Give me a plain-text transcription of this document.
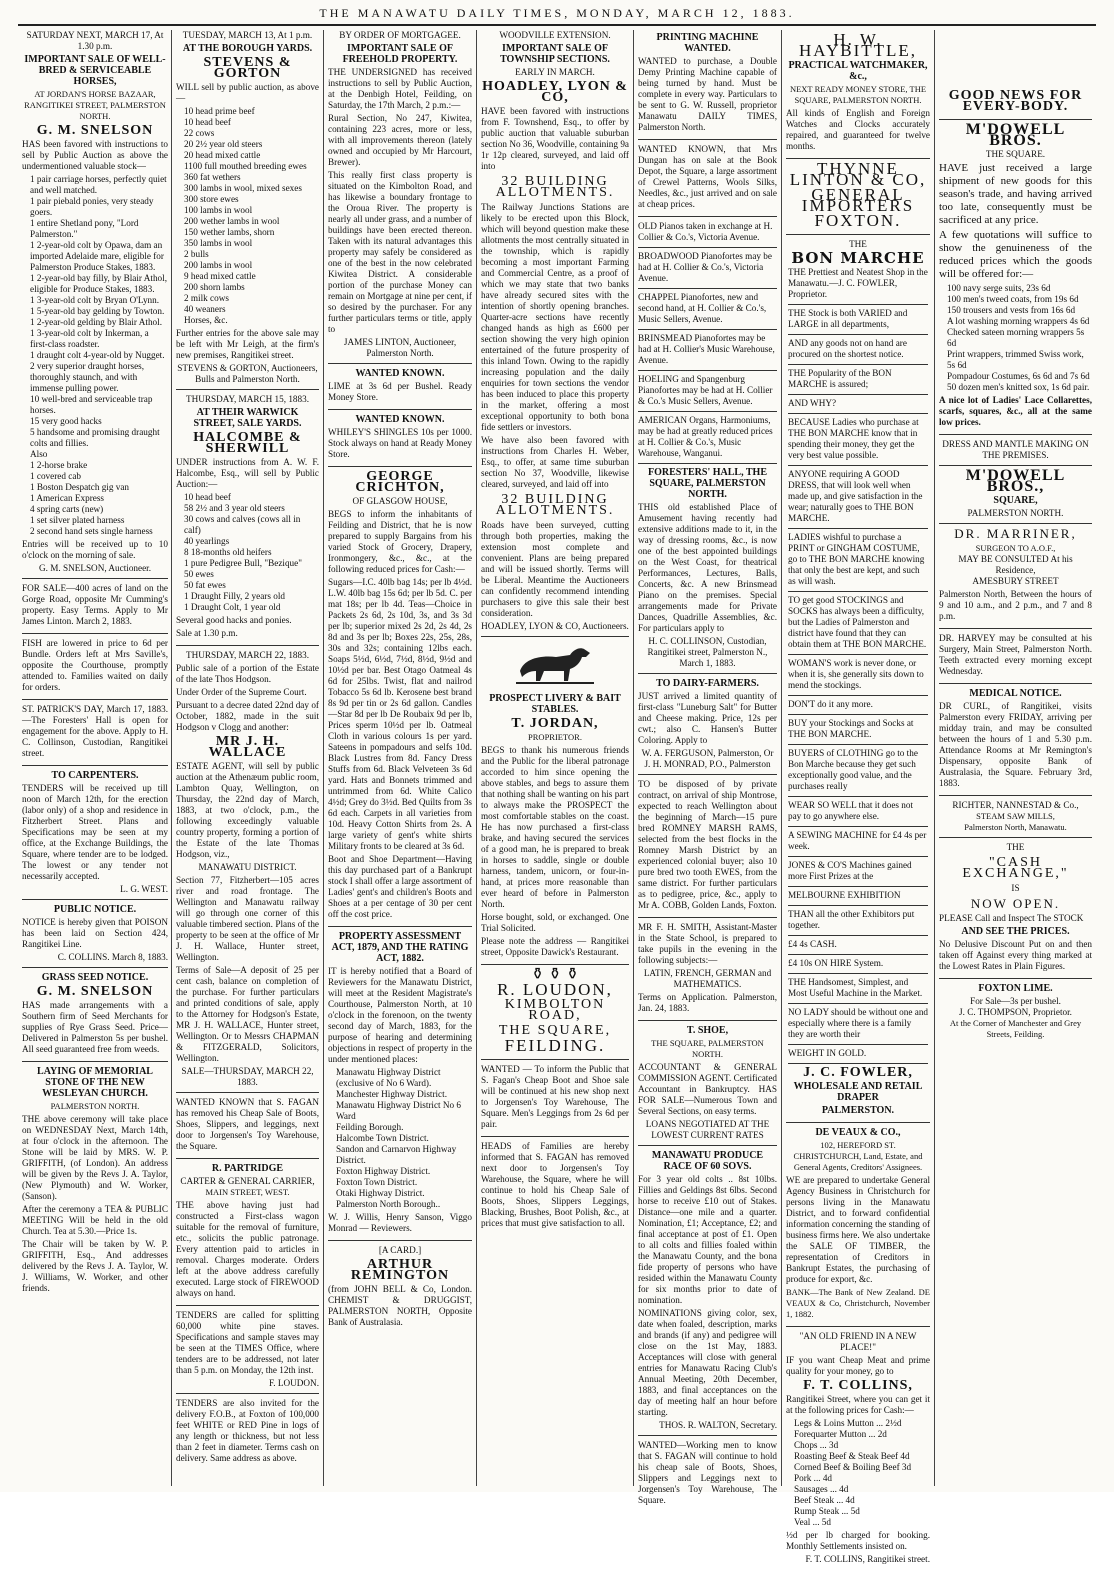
THE MANAWATU DAILY TIMES, MONDAY, MARCH 12, 1883.
SATURDAY NEXT, MARCH 17, At 1.30 p.m.
IMPORTANT SALE OF WELL-BRED & SERVICEABLE HORSES,
AT JORDAN'S HORSE BAZAAR, RANGITIKEI STREET, PALMERSTON NORTH.
G. M. SNELSON

HAS been favored with instructions to sell by Public Auction as above the undermentioned valuable stock—

1 pair carriage horses, perfectly quiet and well matched.
1 pair piebald ponies, very steady goers.
1 entire Shetland pony, "Lord Palmerston."
1 2-year-old colt by Opawa, dam an imported Adelaide mare, eligible for Palmerston Produce Stakes, 1883.
1 2-year-old bay filly, by Blair Athol, eligible for Produce Stakes, 1883.
1 3-year-old colt by Bryan O'Lynn.
1 5-year-old bay gelding by Towton.
1 2-year-old gelding by Blair Athol.
1 3-year-old colt by Inkerman, a first-class roadster.
1 draught colt 4-year-old by Nugget.
2 very superior draught horses, thoroughly staunch, and with immense pulling power.
10 well-bred and serviceable trap horses.
15 very good hacks
5 handsome and promising draught colts and fillies.
Also
1 2-horse brake
1 covered cab
1 Boston Despatch gig van
1 American Express
4 spring carts (new)
1 set silver plated harness
2 second hand sets single harness

Entries will be received up to 10 o'clock on the morning of sale.

G. M. SNELSON, Auctioneer.

FOR SALE—400 acres of land on the Gorge Road, opposite Mr Cumming's property. Easy Terms. Apply to Mr James Linton. March 2, 1883.

FISH are lowered in price to 6d per Bundle. Orders left at Mrs Saville's, opposite the Courthouse, promptly attended to. Families waited on daily for orders.

ST. PATRICK'S DAY, March 17, 1883.—The Foresters' Hall is open for engagement for the above. Apply to H. C. Collinson, Custodian, Rangitikei street.

TO CARPENTERS.

TENDERS will be received up till noon of March 12th, for the erection (labor only) of a shop and residence in Fitzherbert Street. Plans and Specifications may be seen at my office, at the Exchange Buildings, the Square, where tender are to be lodged. The lowest or any tender not necessarily accepted.

L. G. WEST.
PUBLIC NOTICE.

NOTICE is hereby given that POISON has been laid on Section 424, Rangitikei Line.

C. COLLINS. March 8, 1883.
GRASS SEED NOTICE.
G. M. SNELSON

HAS made arrangements with a Southern firm of Seed Merchants for supplies of Rye Grass Seed. Price—Delivered in Palmerston 5s per bushel. All seed guaranteed free from weeds.

LAYING OF MEMORIAL STONE OF THE NEW WESLEYAN CHURCH.
PALMERSTON NORTH.

THE above ceremony will take place on WEDNESDAY Next, March 14th, at four o'clock in the afternoon. The Stone will be laid by MRS. W. P. GRIFFITH, (of London). An address will be given by the Revs J. A. Taylor, (New Plymouth) and W. Worker, (Sanson).

After the ceremony a TEA & PUBLIC MEETING Will be held in the old Church. Tea at 5.30.—Price 1s.

The Chair will be taken by W. P. GRIFFITH, Esq., And addresses delivered by the Revs J. A. Taylor, W. J. Williams, W. Worker, and other friends.

TUESDAY, MARCH 13, At 1 p.m.
AT THE BOROUGH YARDS.
STEVENS & GORTON

WILL sell by public auction, as above—

10 head prime beef
10 head beef
22 cows
20 2½ year old steers
20 head mixed cattle
1100 full mouthed breeding ewes
360 fat wethers
300 lambs in wool, mixed sexes
300 store ewes
100 lambs in wool
200 wether lambs in wool
150 wether lambs, shorn
350 lambs in wool
2 bulls
200 lambs in wool
9 head mixed cattle
200 shorn lambs
2 milk cows
40 weaners
Horses, &c.

Further entries for the above sale may be left with Mr Leigh, at the firm's new premises, Rangitikei street.

STEVENS & GORTON, Auctioneers, Bulls and Palmerston North.
THURSDAY, MARCH 15, 1883.
AT THEIR WARWICK STREET, SALE YARDS.
HALCOMBE & SHERWILL

UNDER instructions from A. W. F. Halcombe, Esq., will sell by Public Auction:—

10 head beef
58 2½ and 3 year old steers
30 cows and calves (cows all in calf)
40 yearlings
8 18-months old heifers
1 pure Pedigree Bull, "Bezique"
50 ewes
50 fat ewes
1 Draught Filly, 2 years old
1 Draught Colt, 1 year old

Several good hacks and ponies.

Sale at 1.30 p.m.

THURSDAY, MARCH 22, 1883.

Public sale of a portion of the Estate of the late Thos Hodgson.

Under Order of the Supreme Court.

Pursuant to a decree dated 22nd day of October, 1882, made in the suit Hodgson v Clogg and another:

MR J. H. WALLACE

ESTATE AGENT, will sell by public auction at the Athenæum public room, Lambton Quay, Wellington, on Thursday, the 22nd day of March, 1883, at two o'clock, p.m., the following exceedingly valuable country property, forming a portion of the Estate of the late Thomas Hodgson, viz.,

MANAWATU DISTRICT.

Section 77, Fitzherbert—105 acres river and road frontage. The Wellington and Manawatu railway will go through one corner of this valuable timbered section. Plans of the property to be seen at the office of Mr J. H. Wallace, Hunter street, Wellington.

Terms of Sale—A deposit of 25 per cent cash, balance on completion of the purchase. For further particulars and printed conditions of sale, apply to the Attorney for Hodgson's Estate, MR J. H. WALLACE, Hunter street, Wellington. Or to Messrs CHAPMAN & FITZGERALD, Solicitors, Wellington.

SALE—THURSDAY, MARCH 22, 1883.

WANTED KNOWN that S. FAGAN has removed his Cheap Sale of Boots, Shoes, Slippers, and leggings, next door to Jorgensen's Toy Warehouse, the Square.

R. PARTRIDGE
CARTER & GENERAL CARRIER,
MAIN STREET, WEST.

THE above having just had constructed a First-class wagon suitable for the removal of furniture, etc., solicits the public patronage. Every attention paid to articles in removal. Charges moderate. Orders left at the above address carefully executed. Large stock of FIREWOOD always on hand.

TENDERS are called for splitting 60,000 white pine staves. Specifications and sample staves may be seen at the TIMES Office, where tenders are to be addressed, not later than 5 p.m. on Monday, the 12th inst.

F. LOUDON.

TENDERS are also invited for the delivery F.O.B., at Foxton of 100,000 feet WHITE or RED Pine in logs of any length or thickness, but not less than 2 feet in diameter. Terms cash on delivery. Same address as above.

BY ORDER OF MORTGAGEE.
IMPORTANT SALE OF FREEHOLD PROPERTY.

THE UNDERSIGNED has received instructions to sell by Public Auction, at the Denbigh Hotel, Feilding, on Saturday, the 17th March, 2 p.m.:—

Rural Section, No 247, Kiwitea, containing 223 acres, more or less, with all improvements thereon (lately owned and occupied by Mr Harcourt, Brewer).

This really first class property is situated on the Kimbolton Road, and has likewise a boundary frontage to the Oroua River. The property is nearly all under grass, and a number of buildings have been erected thereon. Taken with its natural advantages this property may safely be considered as one of the best in the now celebrated Kiwitea District. A considerable portion of the purchase Money can remain on Mortgage at nine per cent, if so desired by the purchaser. For any further particulars terms or title, apply to

JAMES LINTON, Auctioneer, Palmerston North.
WANTED KNOWN.

LIME at 3s 6d per Bushel. Ready Money Store.

WANTED KNOWN.

WHILEY'S SHINGLES 10s per 1000. Stock always on hand at Ready Money Store.

GEORGE CRICHTON,
OF GLASGOW HOUSE,

BEGS to inform the inhabitants of Feilding and District, that he is now prepared to supply Bargains from his varied Stock of Grocery, Drapery, Ironmongery, &c., &c., at the following reduced prices for Cash:—

Sugars—I.C. 40lb bag 14s; per lb 4½d. L.W. 40lb bag 15s 6d; per lb 5d. C. per mat 18s; per lb 4d. Teas—Choice in Packets 2s 6d, 2s 10d, 3s, and 3s 3d per lb; superior mixed 2s 2d, 2s 4d, 2s 8d and 3s per lb; Boxes 22s, 25s, 28s, 30s and 32s; containing 12lbs each. Soaps 5½d, 6½d, 7½d, 8½d, 9½d and 10½d per bar. Best Otago Oatmeal 4s 6d for 25lbs. Twist, flat and nailrod Tobacco 5s 6d lb. Kerosene best brand 8s 9d per tin or 2s 6d gallon. Candles—Star 8d per lb De Roubaix 9d per lb, Prices sperm 10½d per lb. Oatmeal Cloth in various colours 1s per yard. Sateens in pompadours and selfs 10d. Black Lustres from 8d. Fancy Dress Stuffs from 6d. Black Velveteen 3s 6d yard. Hats and Bonnets trimmed and untrimmed from 6d. White Calico 4½d; Grey do 3½d. Bed Quilts from 3s 6d each. Carpets in all varieties from 10d. Heavy Cotton Shirts from 2s. A large variety of gent's white shirts Military fronts to be cleared at 3s 6d.

Boot and Shoe Department—Having this day purchased part of a Bankrupt stock I shall offer a large assortment of Ladies' gent's and children's Boots and Shoes at a per centage of 30 per cent off the cost price.

PROPERTY ASSESSMENT ACT, 1879, AND THE RATING ACT, 1882.

IT is hereby notified that a Board of Reviewers for the Manawatu District, will meet at the Resident Magistrate's Courthouse, Palmerston North, at 10 o'clock in the forenoon, on the twenty second day of March, 1883, for the purpose of hearing and determining objections in respect of property in the under mentioned places:

Manawatu Highway District (exclusive of No 6 Ward).
Manchester Highway District.
Manawatu Highway District No 6 Ward
Feilding Borough.
Halcombe Town District.
Sandon and Carnarvon Highway District.
Foxton Highway District.
Foxton Town District.
Otaki Highway District.
Palmerston North Borough..

W. J. Willis, Henry Sanson, Viggo Monrad — Reviewers.

[A CARD.]
ARTHUR REMINGTON

(from JOHN BELL & Co, London. CHEMIST & DRUGGIST, PALMERSTON NORTH, Opposite Bank of Australasia.

WOODVILLE EXTENSION.
IMPORTANT SALE OF TOWNSHIP SECTIONS.
EARLY IN MARCH.
HOADLEY, LYON & CO,

HAVE been favored with instructions from F. Townshend, Esq., to offer by public auction that valuable suburban section No 36, Woodville, containing 9a 1r 12p cleared, surveyed, and laid off into

32 BUILDING ALLOTMENTS.

The Railway Junctions Stations are likely to be erected upon this Block, which will beyond question make these allotments the most centrally situated in the township, which is rapidly becoming a most important Farming and Commercial Centre, as a proof of which we may state that two banks have already secured sites with the intention of shortly opening branches. Quarter-acre sections have recently changed hands as high as £600 per section showing the very high opinion entertained of the future prosperity of this inland Town. Owing to the rapidly increasing population and the daily enquiries for town sections the vendor has been induced to place this property in the market, offering a most exceptional opportunity to both bona fide settlers or investors.

We have also been favored with instructions from Charles H. Weber, Esq., to offer, at same time suburban section No 37, Woodville, likewise cleared, surveyed, and laid off into

32 BUILDING ALLOTMENTS.

Roads have been surveyed, cutting through both properties, making the extension most complete and convenient. Plans are being prepared and will be issued shortly. Terms will be Liberal. Meantime the Auctioneers can confidently recommend intending purchasers to give this sale their best consideration.

HOADLEY, LYON & CO, Auctioneers.
PROSPECT LIVERY & BAIT STABLES.
T. JORDAN,
PROPRIETOR.

BEGS to thank his numerous friends and the Public for the liberal patronage accorded to him since opening the above stables, and begs to assure them that nothing shall be wanting on his part to always make the PROSPECT the most comfortable stables on the coast. He has now purchased a first-class brake, and having secured the services of a good man, he is prepared to break in horses to saddle, single or double harness, tandem, unicorn, or four-in-hand, at prices more reasonable than ever heard of before in Palmerston North.

Horse bought, sold, or exchanged. One Trial Solicited.

Please note the address — Rangitikei street, Opposite Dawick's Restaurant.

⚱ ⚱ ⚱
R. LOUDON,
KIMBOLTON ROAD,
THE SQUARE,
FEILDING.

WANTED — To inform the Public that S. Fagan's Cheap Boot and Shoe sale will be continued at his new shop next to Jorgensen's Toy Warehouse, The Square. Men's Leggings from 2s 6d per pair.

HEADS of Families are hereby informed that S. FAGAN has removed next door to Jorgensen's Toy Warehouse, the Square, where he will continue to hold his Cheap Sale of Boots, Shoes, Slippers Leggings, Blacking, Brushes, Boot Polish, &c., at prices that must give satisfaction to all.

PRINTING MACHINE WANTED.

WANTED to purchase, a Double Demy Printing Machine capable of being turned by hand. Must be complete in every way. Particulars to be sent to G. W. Russell, proprietor Manawatu DAILY TIMES, Palmerston North.

WANTED KNOWN, that Mrs Dungan has on sale at the Book Depot, the Square, a large assortment of Crewel Patterns, Wools Silks, Needles, &c., just arrived and on sale at cheap prices.

OLD Pianos taken in exchange at H. Collier & Co.'s, Victoria Avenue.
BROADWOOD Pianofortes may be had at H. Collier & Co.'s, Victoria Avenue.
CHAPPEL Pianofortes, new and second hand, at H. Collier & Co.'s, Music Sellers, Avenue.
BRINSMEAD Pianofortes may be had at H. Collier's Music Warehouse, Avenue.
HOELING and Spangenburg Pianofortes may be had at H. Collier & Co.'s Music Sellers, Avenue.
AMERICAN Organs, Harmoniums, may be had at greatly reduced prices at H. Collier & Co.'s, Music Warehouse, Wanganui.
FORESTERS' HALL, THE SQUARE, PALMERSTON NORTH.

THIS old established Place of Amusement having recently had extensive additions made to it, in the way of dressing rooms, &c., is now one of the best appointed buildings on the West Coast, for theatrical Performances, Lectures, Balls, Concerts, &c. A new Brinsmead Piano on the premises. Special arrangements made for Private Dances, Quadrille Assemblies, &c. For particulars apply to

H. C. COLLINSON, Custodian, Rangitikei street, Palmerston N., March 1, 1883.
TO DAIRY-FARMERS.

JUST arrived a limited quantity of first-class "Luneburg Salt" for Butter and Cheese making. Price, 12s per cwt.; also C. Hansen's Butter Coloring. Apply to

W. A. FERGUSON, Palmerston, Or J. H. MONRAD, P.O., Palmerston

TO be disposed of by private contract, on arrival of ship Montrose, expected to reach Wellington about the beginning of March—15 pure bred ROMNEY MARSH RAMS, selected from the best flocks in the Romney Marsh District by an experienced colonial buyer; also 10 pure bred two tooth EWES, from the same district. For further particulars as to pedigree, price, &c., apply to Mr A. COBB, Golden Lands, Foxton.

MR F. H. SMITH, Assistant-Master in the State School, is prepared to take pupils in the evening in the following subjects:—

LATIN, FRENCH, GERMAN and MATHEMATICS.

Terms on Application. Palmerston, Jan. 24, 1883.

T. SHOE,
THE SQUARE, PALMERSTON NORTH.

ACCOUNTANT & GENERAL COMMISSION AGENT. Certificated Accountant in Bankruptcy. HAS FOR SALE—Numerous Town and Several Sections, on easy terms.

LOANS NEGOTIATED AT THE LOWEST CURRENT RATES
MANAWATU PRODUCE RACE OF 60 SOVS.

For 3 year old colts .. 8st 10lbs. Fillies and Geldings 8st 6lbs. Second horse to receive £10 out of Stakes. Distance—one mile and a quarter. Nomination, £1; Acceptance, £2; and final acceptance at post of £1. Open to all colts and fillies foaled within the Manawatu County, and the bona fide property of persons who have resided within the Manawatu County for six months prior to date of nomination.

NOMINATIONS giving color, sex, date when foaled, description, marks and brands (if any) and pedigree will close on the 1st May, 1883. Acceptances will close with general entries for Manawatu Racing Club's Annual Meeting, 20th December, 1883, and final acceptances on the day of meeting half an hour before starting.

THOS. R. WALTON, Secretary.

WANTED—Working men to know that S. FAGAN will continue to hold his cheap sale of Boots, Shoes, Slippers and Leggings next to Jorgensen's Toy Warehouse, The Square.

H. W. HAYBITTLE,
PRACTICAL WATCHMAKER, &c.,
NEXT READY MONEY STORE, THE SQUARE, PALMERSTON NORTH.

All kinds of English and Foreign Watches and Clocks accurately repaired, and guaranteed for twelve months.

THYNNE LINTON & CO,
GENERAL IMPORTERS
FOXTON.
THE
BON MARCHE
THE Prettiest and Neatest Shop in the Manawatu.—J. C. FOWLER, Proprietor.
THE Stock is both VARIED and LARGE in all departments,
AND any goods not on hand are procured on the shortest notice.
THE Popularity of the BON MARCHE is assured;
AND WHY?
BECAUSE Ladies who purchase at THE BON MARCHE know that in spending their money, they get the very best value possible.
ANYONE requiring A GOOD DRESS, that will look well when made up, and give satisfaction in the wear; naturally goes to THE BON MARCHE.
LADIES wishful to purchase a PRINT or GINGHAM COSTUME, go to THE BON MARCHE knowing that only the best are kept, and such as will wash.
TO get good STOCKINGS and SOCKS has always been a difficulty, but the Ladies of Palmerston and district have found that they can obtain them at THE BON MARCHE.
WOMAN'S work is never done, or when it is, she generally sits down to mend the stockings.
DON'T do it any more.
BUY your Stockings and Socks at THE BON MARCHE.
BUYERS of CLOTHING go to the Bon Marche because they get such exceptionally good value, and the purchases really
WEAR SO WELL that it does not pay to go anywhere else.
A SEWING MACHINE for £4 4s per week.
JONES & CO'S Machines gained more First Prizes at the
MELBOURNE EXHIBITION
THAN all the other Exhibitors put together.
£4 4s CASH.
£4 10s ON HIRE System.
THE Handsomest, Simplest, and Most Useful Machine in the Market.
NO LADY should be without one and especially where there is a family they are worth their
WEIGHT IN GOLD.
J. C. FOWLER,
WHOLESALE AND RETAIL DRAPER
PALMERSTON.
DE VEAUX & CO.,
102, HEREFORD ST. CHRISTCHURCH, Land, Estate, and General Agents, Creditors' Assignees.

WE are prepared to undertake General Agency Business in Christchurch for persons living in the Manawatu District, and to forward confidential information concerning the standing of business firms here. We also undertake the SALE OF TIMBER, the representation of Creditors in Bankrupt Estates, the purchasing of produce for export, &c.

BANK—The Bank of New Zealand. DE VEAUX & Co, Christchurch, November 1, 1882.

"AN OLD FRIEND IN A NEW PLACE!"

IF you want Cheap Meat and prime quality for your money, go to

F. T. COLLINS,

Rangitikei Street, where you can get it at the following prices for Cash:—

Legs & Loins Mutton ... 2½d
Forequarter Mutton ... 2d
Chops ... 3d
Roasting Beef & Steak Beef 4d
Corned Beef & Boiling Beef 3d
Pork ... 4d
Sausages ... 4d
Beef Steak ... 4d
Rump Steak ... 5d
Veal ... 5d

½d per lb charged for booking. Monthly Settlements insisted on.

F. T. COLLINS, Rangitikei street.
GOOD NEWS FOR EVERY-BODY.
M'DOWELL BROS.
THE SQUARE.

HAVE just received a large shipment of new goods for this season's trade, and having arrived too late, consequently must be sacrificed at any price.

A few quotations will suffice to show the genuineness of the reduced prices which the goods will be offered for:—

100 navy serge suits, 23s 6d
100 men's tweed coats, from 19s 6d
150 trousers and vests from 16s 6d
A lot washing morning wrappers 4s 6d
Checked sateen morning wrappers 5s 6d
Print wrappers, trimmed Swiss work, 5s 6d
Pompadour Costumes, 6s 6d and 7s 6d
50 dozen men's knitted sox, 1s 6d pair.

A nice lot of Ladies' Lace Collarettes, scarfs, squares, &c., all at the same low prices.

DRESS AND MANTLE MAKING ON THE PREMISES.
M'DOWELL BROS.,
SQUARE,
PALMERSTON NORTH.
DR. MARRINER,
SURGEON TO A.O.F.,
MAY BE CONSULTED At his Residence,
AMESBURY STREET

Palmerston North, Between the hours of 9 and 10 a.m., and 2 p.m., and 7 and 8 p.m.

DR. HARVEY may be consulted at his Surgery, Main Street, Palmerston North. Teeth extracted every morning except Wednesday.

MEDICAL NOTICE.

DR CURL, of Rangitikei, visits Palmerston every FRIDAY, arriving per midday train, and may be consulted between the hours of 1 and 5.30 p.m. Attendance Rooms at Mr Remington's Dispensary, opposite Bank of Australasia, the Square. February 3rd, 1883.

RICHTER, NANNESTAD & Co.,
STEAM SAW MILLS,
Palmerston North, Manawatu.
THE
"CASH EXCHANGE,"
IS
NOW OPEN.

PLEASE Call and Inspect The STOCK

AND SEE THE PRICES.

No Delusive Discount Put on and then taken off Against every thing marked at the Lowest Rates in Plain Figures.

FOXTON LIME.
For Sale—3s per bushel.
J. C. THOMPSON, Proprietor.
At the Corner of Manchester and Grey Streets, Feilding.
